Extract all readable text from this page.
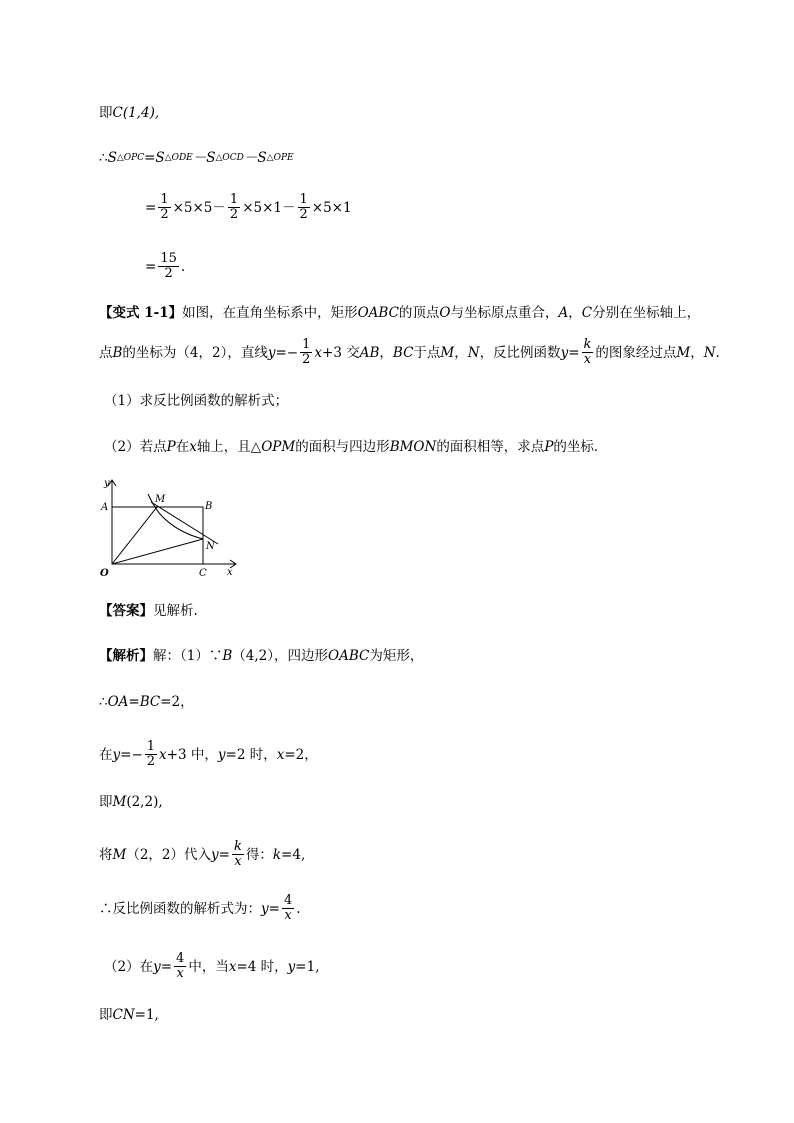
即 C(1,4),
∴ S △OPC =S △ODE －S △OCD －S △OPE
= $\frac{1}{2} \times 5\times 5- \frac{1}{2} \times 5\times 1- \frac{1}{2} \times 5\times 1$
= $\frac{15}{2}$ .
【变式 1-1】 如图，在直角坐标系中，矩形 OABC 的顶点 O 与坐标原点重合， A ， C 分别在坐标轴上，
点 B 的坐标为（4，2），直线 $y =- \frac{1}{2}$ x +3 交 AB ， BC 于点 M ， N ，反比例函数 $y = \frac{k}{x}$ 的图象经过点 M ， N .
（1）求反比例函数的解析式；
（2）若点 P 在 x 轴上，且△ OPM 的面积与四边形 BMON 的面积相等，求点 P 的坐标．
y
x
O
A	B
C
M
N
【答案】 见解析.
【解析】 解：（1）∵ B （4,2），四边形 OABC 为矩形，
∴ OA = BC =2，
在 $y =- \frac{1}{2}$ x +3 中， y =2 时， x =2，
即 M (2,2),
将 M （2，2）代入 $y = \frac{k}{x}$ 得： k =4,
∴反比例函数的解析式为： $y = \frac{4}{x}$ .
（2）在 $y = \frac{4}{x}$ 中，当 x =4 时， y =1,
即 CN =1,
